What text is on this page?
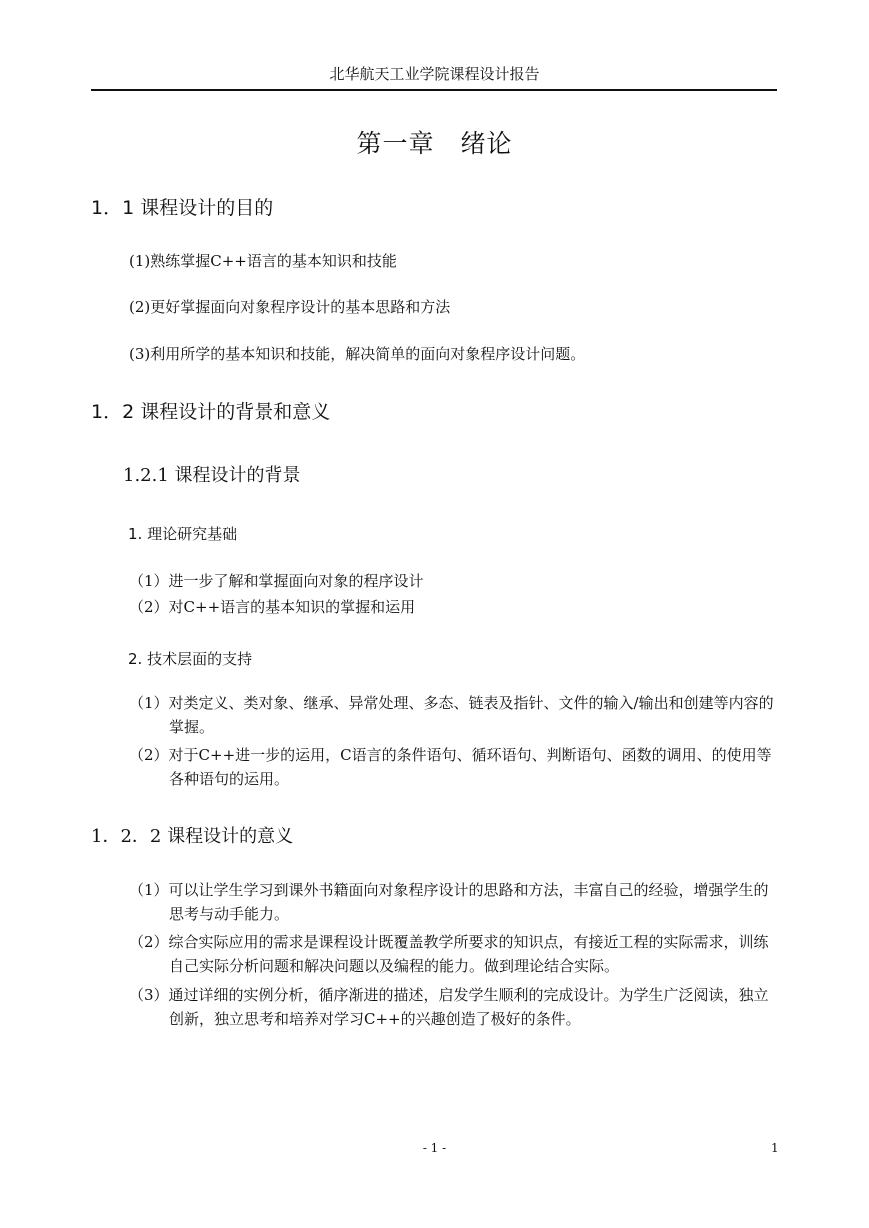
北华航天工业学院课程设计报告
第一章　绪论
1．1 课程设计的目的
(1)熟练掌握C++语言的基本知识和技能
(2)更好掌握面向对象程序设计的基本思路和方法
(3)利用所学的基本知识和技能，解决简单的面向对象程序设计问题。
1．2 课程设计的背景和意义
1.2.1 课程设计的背景
1. 理论研究基础
（1）进一步了解和掌握面向对象的程序设计
（2）对C++语言的基本知识的掌握和运用
2. 技术层面的支持
（1）对类定义、类对象、继承、异常处理、多态、链表及指针、文件的输入/输出和创建等内容的掌握。
（2）对于C++进一步的运用，C语言的条件语句、循环语句、判断语句、函数的调用、的使用等各种语句的运用。
1．2．2 课程设计的意义
（1）可以让学生学习到课外书籍面向对象程序设计的思路和方法，丰富自己的经验，增强学生的思考与动手能力。
（2）综合实际应用的需求是课程设计既覆盖教学所要求的知识点，有接近工程的实际需求，训练自己实际分析问题和解决问题以及编程的能力。做到理论结合实际。
（3）通过详细的实例分析，循序渐进的描述，启发学生顺利的完成设计。为学生广泛阅读，独立创新，独立思考和培养对学习C++的兴趣创造了极好的条件。
- 1 -	1
